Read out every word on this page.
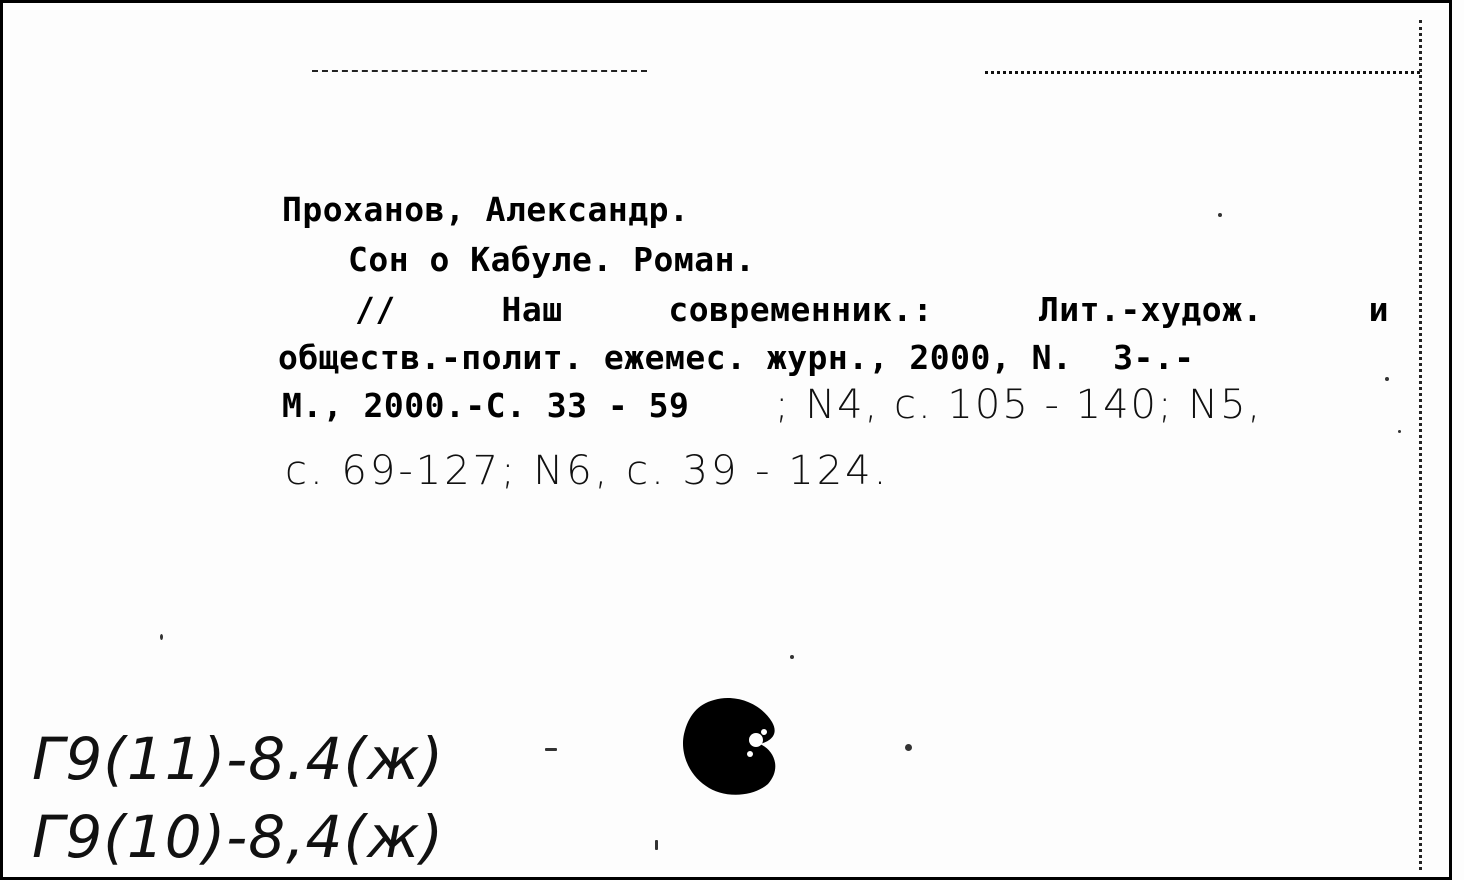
Проханов, Александр.
Сон о Кабуле. Роман.
//	Наш	современник.:	Лит.-худож.	и
обществ.-полит. ежемес. журн., 2000, N.  3-.-
М., 2000.-С. 33 - 59 ; N4, с. 105 - 140; N5,
с. 69-127; N6, с. 39 - 124.
Г9(11)-8.4(ж)
Г9(10)-8,4(ж)
